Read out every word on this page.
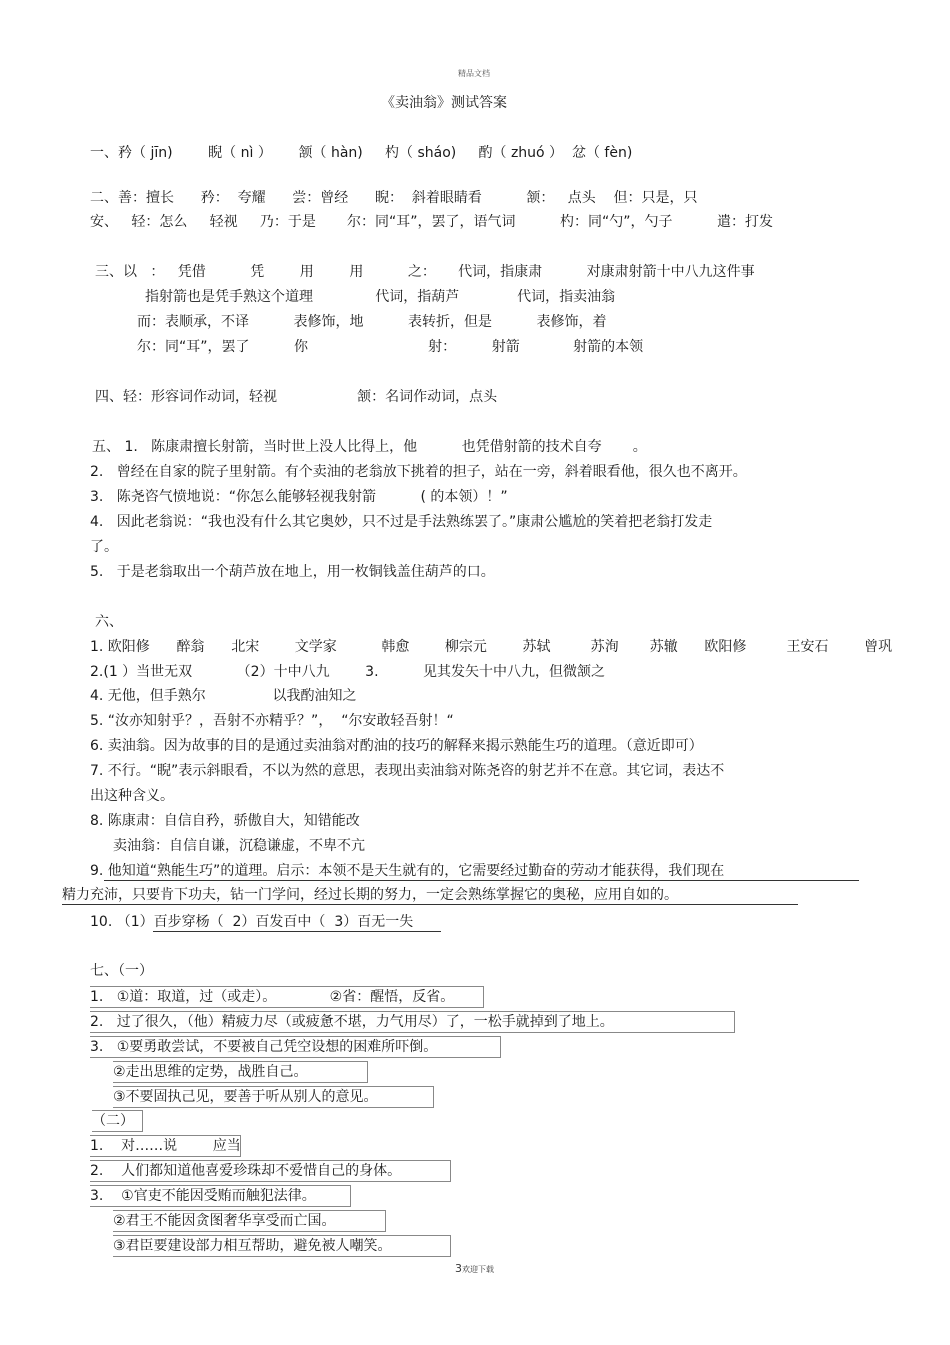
精品文档
《卖油翁》测试答案
一、矜（ jīn)        睨（ nì ）      颔（ hàn)     杓（ sháo)     酌（ zhuó ）  忿（ fèn)
二、善：擅长      矜：  夸耀      尝：曾经      睨：  斜着眼睛看          颔：   点头    但：只是，只
安、   轻：怎么     轻视     乃：于是       尔：同“耳”，罢了，语气词          杓：同“勺”，勺子          遣：打发
三、以   ：   凭借          凭        用        用          之：     代词，指康肃          对康肃射箭十中八九这件事
指射箭也是凭手熟这个道理              代词，指葫芦             代词，指卖油翁
而：表顺承，不译          表修饰，地          表转折，但是          表修饰，着
尔：同“耳”，罢了          你                           射：        射箭            射箭的本领
四、轻：形容词作动词，轻视                  颔：名词作动词，点头
五、 1.   陈康肃擅长射箭，当时世上没人比得上，他          也凭借射箭的技术自夸       。
2.   曾经在自家的院子里射箭。有个卖油的老翁放下挑着的担子，站在一旁，斜着眼看他，很久也不离开。
3.   陈尧咨气愤地说：“你怎么能够轻视我射箭          ( 的本领）！”
4.   因此老翁说：“我也没有什么其它奥妙，只不过是手法熟练罢了。”康肃公尴尬的笑着把老翁打发走
了。
5.   于是老翁取出一个葫芦放在地上，用一枚铜钱盖住葫芦的口。
六、
1. 欧阳修      醉翁      北宋        文学家          韩愈        柳宗元        苏轼         苏洵       苏辙      欧阳修         王安石        曾巩
2.(1 ）当世无双          （2）十中八九        3.          见其发矢十中八九，但微颔之
4. 无他，但手熟尔               以我酌油知之
5. “汝亦知射乎？，吾射不亦精乎？”，  “尔安敢轻吾射！“
6. 卖油翁。因为故事的目的是通过卖油翁对酌油的技巧的解释来揭示熟能生巧的道理。（意近即可）
7. 不行。“睨”表示斜眼看，不以为然的意思，表现出卖油翁对陈尧咨的射艺并不在意。其它词，表达不
出这种含义。
8. 陈康肃：自信自矜，骄傲自大，知错能改
卖油翁：自信自谦，沉稳谦虚，不卑不亢
9. 他知道“熟能生巧”的道理。启示：本领不是天生就有的，它需要经过勤奋的劳动才能获得，我们现在
精力充沛，只要肯下功夫，钻一门学问，经过长期的努力，一定会熟练掌握它的奥秘，应用自如的。
10. （1）百步穿杨（  2）百发百中（  3）百无一失
七、（一）
1.   ①道：取道，过（或走）。            ②省：醒悟，反省。
2.   过了很久，（他）精疲力尽（或疲惫不堪，力气用尽）了，一松手就掉到了地上。
3.   ①要勇敢尝试，不要被自己凭空设想的困难所吓倒。
②走出思维的定势，战胜自己。
③不要固执己见，要善于听从别人的意见。
（二）
1.    对……说        应当
2.    人们都知道他喜爱珍珠却不爱惜自己的身体。
3.    ①官吏不能因受贿而触犯法律。
②君王不能因贪图奢华享受而亡国。
③君臣要建设部力相互帮助，避免被人嘲笑。
3欢迎下载
